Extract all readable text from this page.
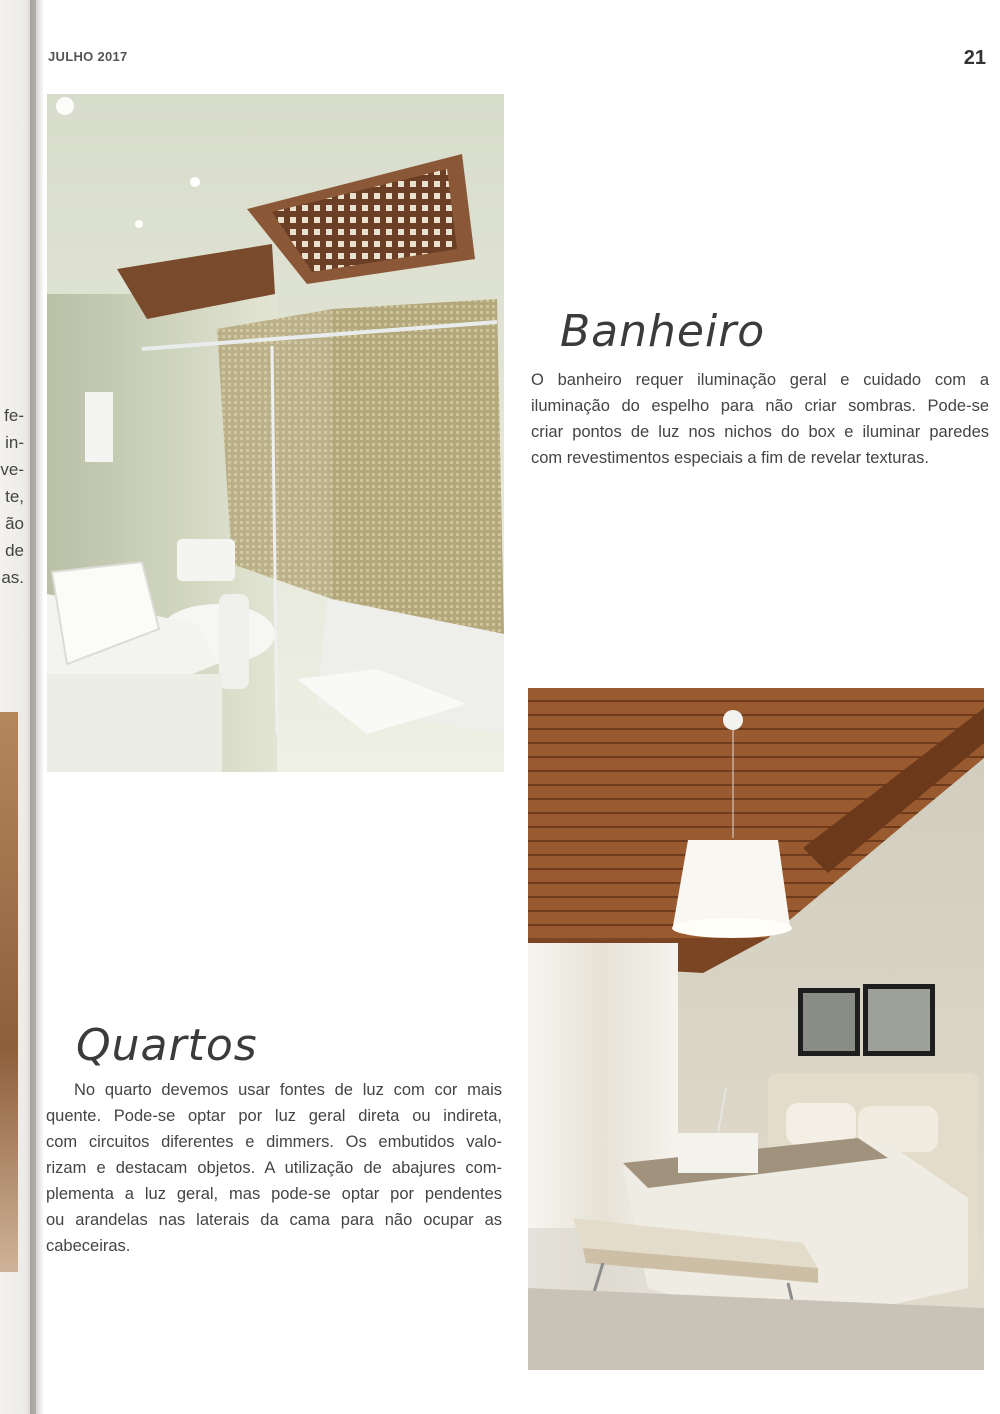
fe-
in-
ve-
te,
ão
de
as.
JULHO 2017	21
Banheiro
O banheiro requer iluminação geral e cuidado com a
iluminação do espelho para não criar sombras. Pode-se
criar pontos de luz nos nichos do box e iluminar paredes
com revestimentos especiais a fim de revelar texturas.
Quartos
No quarto devemos usar fontes de luz com cor mais
quente. Pode-se optar por luz geral direta ou indireta,
com circuitos diferentes e dimmers. Os embutidos valo-
rizam e destacam objetos. A utilização de abajures com-
plementa a luz geral, mas pode-se optar por pendentes
ou arandelas nas laterais da cama para não ocupar as
cabeceiras.
